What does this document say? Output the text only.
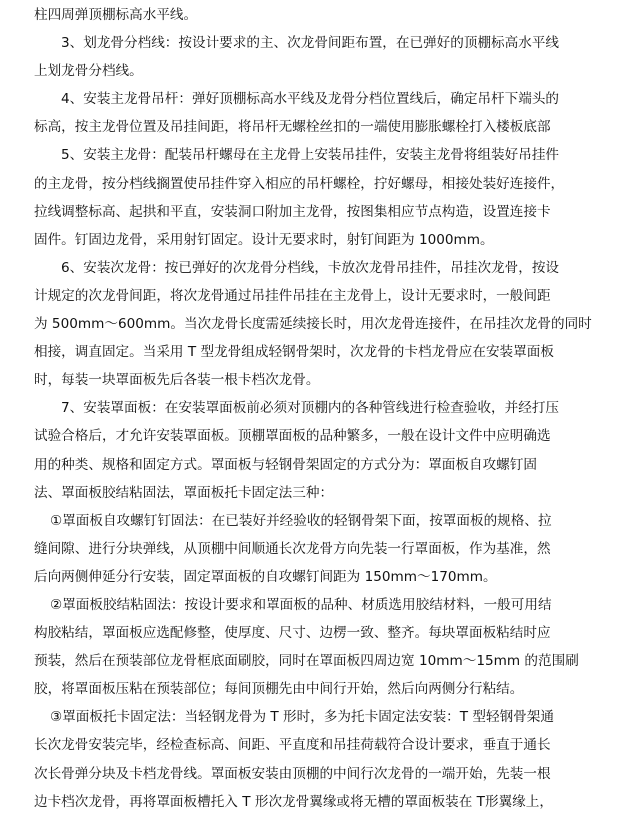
柱四周弹顶棚标高水平线。
3、划龙骨分档线：按设计要求的主、次龙骨间距布置，在已弹好的顶棚标高水平线
上划龙骨分档线。
4、安装主龙骨吊杆：弹好顶棚标高水平线及龙骨分档位置线后，确定吊杆下端头的
标高，按主龙骨位置及吊挂间距，将吊杆无螺栓丝扣的一端使用膨胀螺栓打入楼板底部
5、安装主龙骨：配装吊杆螺母在主龙骨上安装吊挂件，安装主龙骨将组装好吊挂件
的主龙骨，按分档线搁置使吊挂件穿入相应的吊杆螺栓，拧好螺母，相接处装好连接件，
拉线调整标高、起拱和平直，安装洞口附加主龙骨，按图集相应节点构造，设置连接卡
固件。钉固边龙骨，采用射钉固定。设计无要求时，射钉间距为 1000mm。
6、安装次龙骨：按已弹好的次龙骨分档线，卡放次龙骨吊挂件，吊挂次龙骨，按设
计规定的次龙骨间距，将次龙骨通过吊挂件吊挂在主龙骨上，设计无要求时，一般间距
为 500mm～600mm。当次龙骨长度需延续接长时，用次龙骨连接件，在吊挂次龙骨的同时
相接，调直固定。当采用 T 型龙骨组成轻钢骨架时，次龙骨的卡档龙骨应在安装罩面板
时，每装一块罩面板先后各装一根卡档次龙骨。
7、安装罩面板：在安装罩面板前必须对顶棚内的各种管线进行检查验收，并经打压
试验合格后，才允许安装罩面板。顶棚罩面板的品种繁多，一般在设计文件中应明确选
用的种类、规格和固定方式。罩面板与轻钢骨架固定的方式分为：罩面板自攻螺钉固
法、罩面板胶结粘固法，罩面板托卡固定法三种：
①罩面板自攻螺钉钉固法：在已装好并经验收的轻钢骨架下面，按罩面板的规格、拉
缝间隙、进行分块弹线，从顶棚中间顺通长次龙骨方向先装一行罩面板，作为基准，然
后向两侧伸延分行安装，固定罩面板的自攻螺钉间距为 150mm～170mm。
②罩面板胶结粘固法：按设计要求和罩面板的品种、材质选用胶结材料，一般可用结
构胶粘结，罩面板应选配修整，使厚度、尺寸、边楞一致、整齐。每块罩面板粘结时应
预装，然后在预装部位龙骨框底面刷胶，同时在罩面板四周边宽 10mm～15mm 的范围刷
胶，将罩面板压粘在预装部位；每间顶棚先由中间行开始，然后向两侧分行粘结。
③罩面板托卡固定法：当轻钢龙骨为 T 形时，多为托卡固定法安装：T 型轻钢骨架通
长次龙骨安装完毕，经检查标高、间距、平直度和吊挂荷载符合设计要求，垂直于通长
次长骨弹分块及卡档龙骨线。罩面板安装由顶棚的中间行次龙骨的一端开始，先装一根
边卡档次龙骨，再将罩面板槽托入 T 形次龙骨翼缘或将无槽的罩面板装在 T形翼缘上，
